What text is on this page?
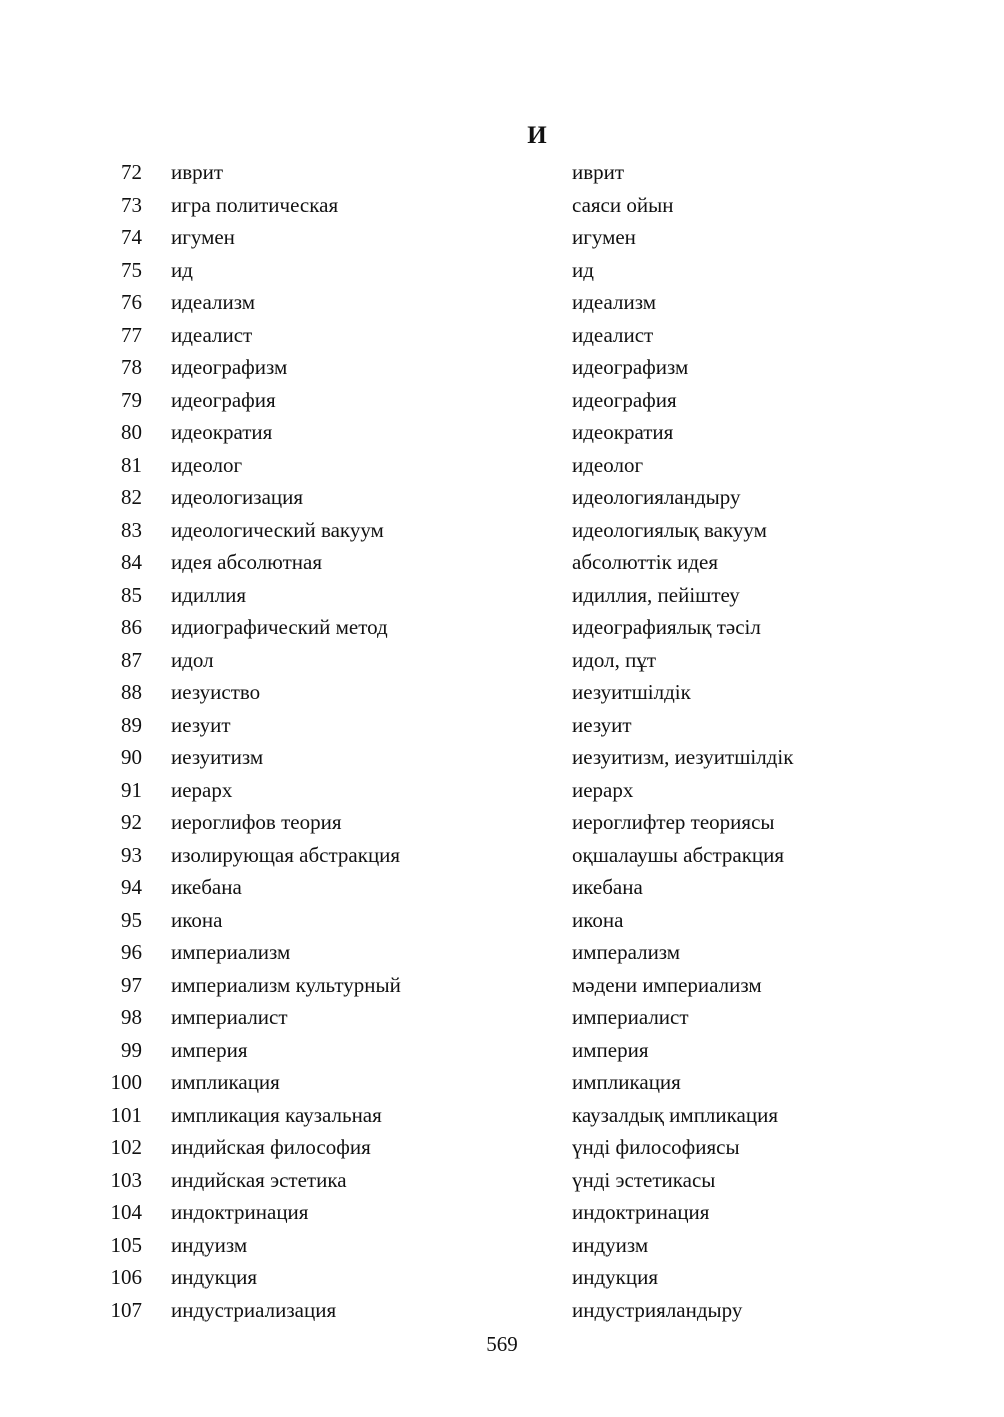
И
72 иврит	иврит
73 игра политическая	саяси ойын
74 игумен	игумен
75 ид	ид
76 идеализм	идеализм
77 идеалист	идеалист
78 идеографизм	идеографизм
79 идеография	идеография
80 идеократия	идеократия
81 идеолог	идеолог
82 идеологизация	идеологияландыру
83 идеологический вакуум	идеологиялық вакуум
84 идея абсолютная	абсолюттік идея
85 идиллия	идиллия, пейіштеу
86 идиографический метод	идеографиялық тәсіл
87 идол	идол, пұт
88 иезуиство	иезуитшілдік
89 иезуит	иезуит
90 иезуитизм	иезуитизм, иезуитшілдік
91 иерарх	иерарх
92 иероглифов теория	иероглифтер теориясы
93 изолирующая абстракция	оқшалаушы абстракция
94 икебана	икебана
95 икона	икона
96 империализм	имперализм
97 империализм культурный	мәдени империализм
98 империалист	империалист
99 империя	империя
100 импликация	импликация
101 импликация каузальная	каузалдық импликация
102 индийская философия	үнді философиясы
103 индийская эстетика	үнді эстетикасы
104 индоктринация	индоктринация
105 индуизм	индуизм
106 индукция	индукция
107 индустриализация	индустрияландыру
569
